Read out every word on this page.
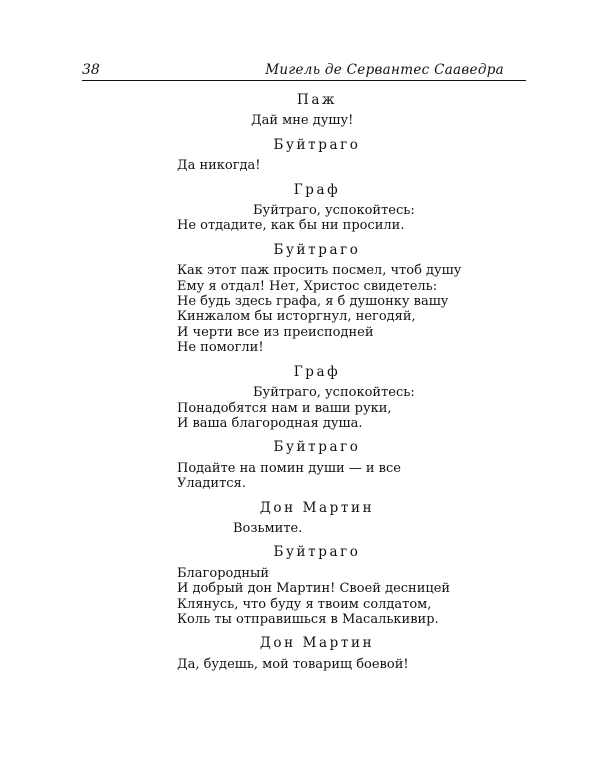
38	Мигель де Сервантес Сааведра
Паж
Дай мне душу!
Буйтраго
Да никогда!
Граф
Буйтраго, успокойтесь:
Не отдадите, как бы ни просили.
Буйтраго
Как этот паж просить посмел, чтоб душу
Ему я отдал! Нет, Христос свидетель:
Не будь здесь графа, я б душонку вашу
Кинжалом бы исторгнул, негодяй,
И черти все из преисподней
Не помогли!
Граф
Буйтраго, успокойтесь:
Понадобятся нам и ваши руки,
И ваша благородная душа.
Буйтраго
Подайте на помин души — и все
Уладится.
Дон Мартин
Возьмите.
Буйтраго
Благородный
И добрый дон Мартин! Своей десницей
Клянусь, что буду я твоим солдатом,
Коль ты отправишься в Масалькивир.
Дон Мартин
Да, будешь, мой товарищ боевой!
